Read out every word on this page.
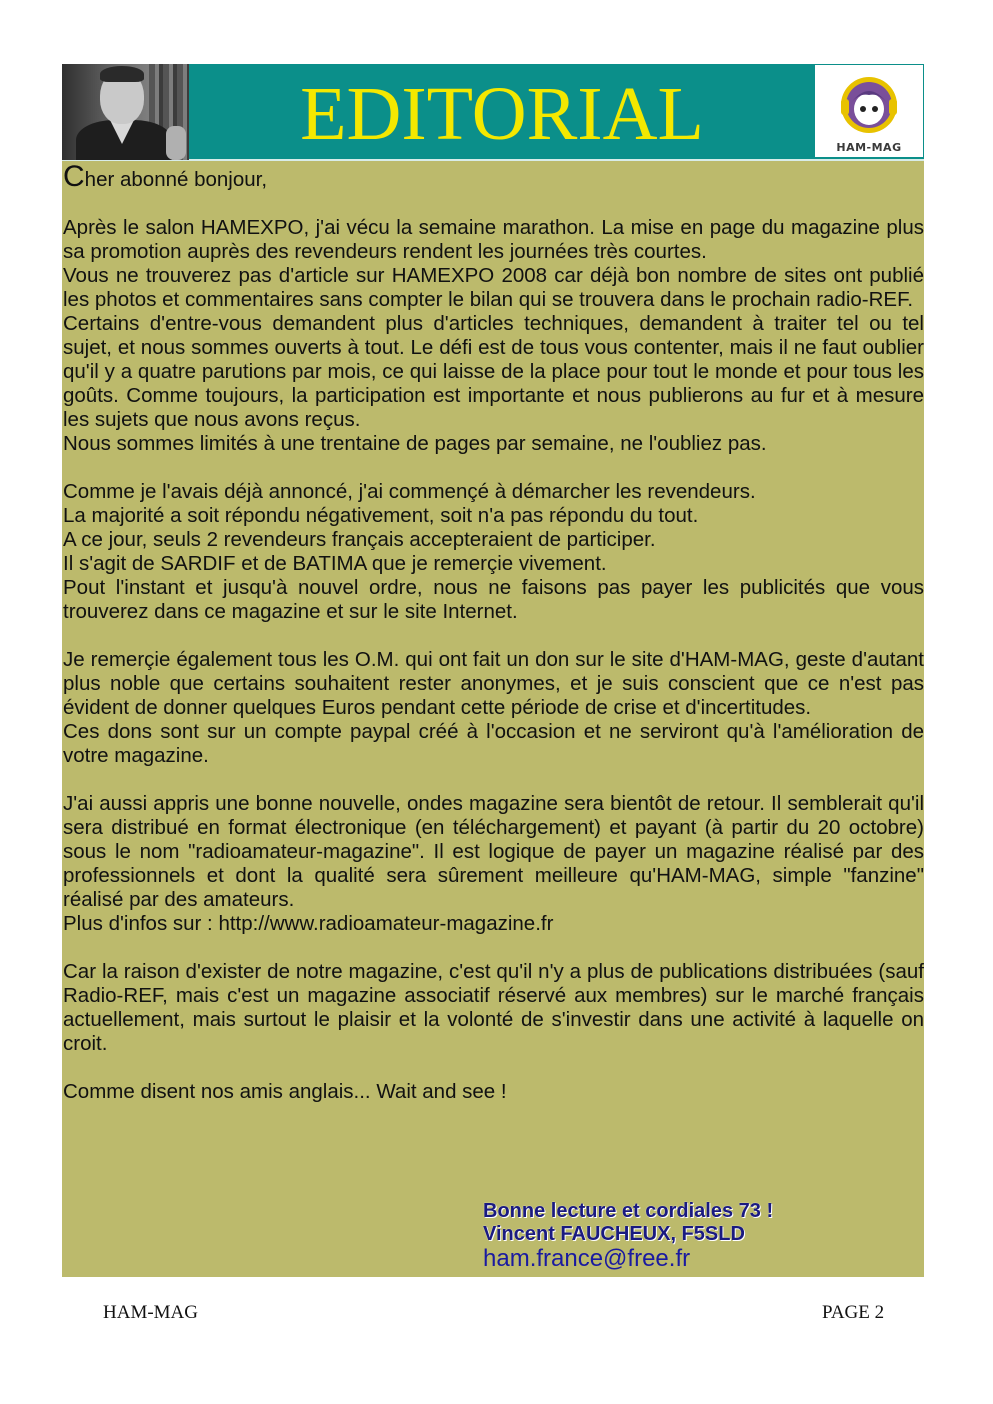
EDITORIAL	HAM-MAG

Cher abonné bonjour,

Après le salon HAMEXPO, j'ai vécu la semaine marathon. La mise en page du magazine plus sa promotion auprès des revendeurs rendent les journées très courtes.

Vous ne trouverez pas d'article sur HAMEXPO 2008 car déjà bon nombre de sites ont publié les photos et commentaires sans compter le bilan qui se trouvera dans le prochain radio-REF.

Certains d'entre-vous demandent plus d'articles techniques, demandent à traiter tel ou tel sujet, et nous sommes ouverts à tout. Le défi est de tous vous contenter, mais il ne faut oublier qu'il y a quatre parutions par mois, ce qui laisse de la place pour tout le monde et pour tous les goûts. Comme toujours, la participation est importante et nous publierons au fur et à mesure les sujets que nous avons reçus.

Nous sommes limités à une trentaine de pages par semaine, ne l'oubliez pas.

Comme je l'avais déjà annoncé, j'ai commençé à démarcher les revendeurs.

La majorité a soit répondu négativement, soit n'a pas répondu du tout.

A ce jour, seuls 2 revendeurs français accepteraient de participer.

Il s'agit de SARDIF et de BATIMA que je remerçie vivement.

Pout l'instant et jusqu'à nouvel ordre, nous ne faisons pas payer les publicités que vous trouverez dans ce magazine et sur le site Internet.

Je remerçie également tous les O.M. qui ont fait un don sur le site d'HAM-MAG, geste d'autant plus noble que certains souhaitent rester anonymes, et je suis conscient que ce n'est pas évident de donner quelques Euros pendant cette période de crise et d'incertitudes.

Ces dons sont sur un compte paypal créé à l'occasion et ne serviront qu'à l'amélioration de votre magazine.

J'ai aussi appris une bonne nouvelle, ondes magazine sera bientôt de retour. Il semblerait qu'il sera distribué en format électronique (en téléchargement) et payant (à partir du 20 octobre) sous le nom "radioamateur-magazine". Il est logique de payer un magazine réalisé par des professionnels et dont la qualité sera sûrement meilleure qu'HAM-MAG, simple "fanzine" réalisé par des amateurs.

Plus d'infos sur : http://www.radioamateur-magazine.fr

Car la raison d'exister de notre magazine, c'est qu'il n'y a plus de publications distribuées (sauf Radio-REF, mais c'est un magazine associatif réservé aux membres) sur le marché français actuellement, mais surtout le plaisir et la volonté de s'investir dans une activité à laquelle on croit.

Comme disent nos amis anglais... Wait and see !

Bonne lecture et cordiales 73 !
Vincent FAUCHEUX, F5SLD
ham.france@free.fr
HAM-MAG	PAGE 2
